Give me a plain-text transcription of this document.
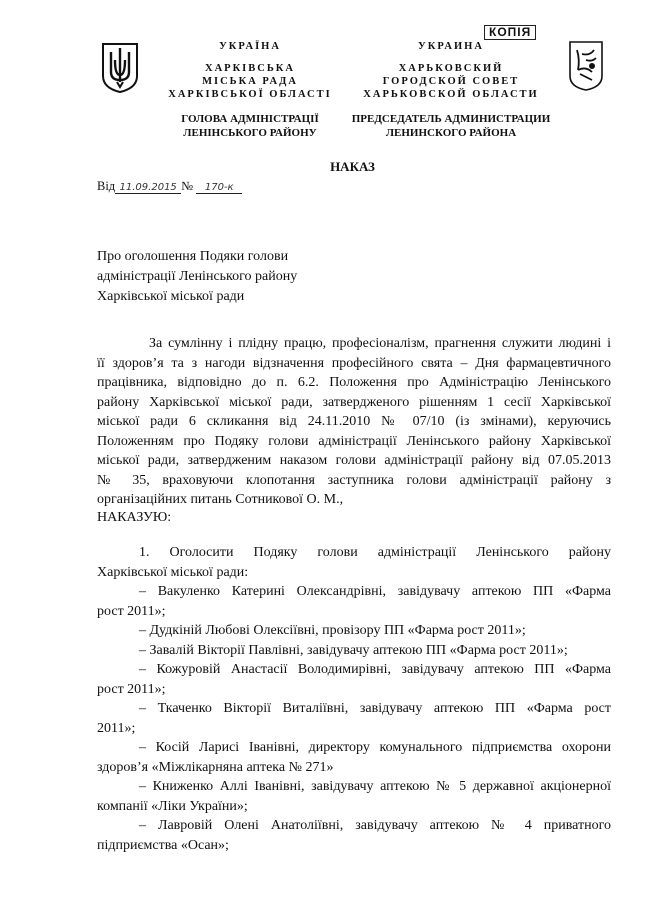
КОПІЯ
УКРАЇНА
ХАРКІВСЬКА
МІСЬКА РАДА
ХАРКІВСЬКОЇ ОБЛАСТІ
ГОЛОВА АДМІНІСТРАЦІЇ
ЛЕНІНСЬКОГО РАЙОНУ
УКРАИНА
ХАРЬКОВСКИЙ
ГОРОДСКОЙ СОВЕТ
ХАРЬКОВСКОЙ ОБЛАСТИ
ПРЕДСЕДАТЕЛЬ АДМИНИСТРАЦИИ
ЛЕНИНСКОГО РАЙОНА
НАКАЗ
Від 11.09.2015 № 170-к
Про оголошення Подяки голови
адміністрації Ленінського району
Харківської міської ради
За сумлінну і плідну працю, професіоналізм, прагнення служити людині і
її здоров’я та з нагоди відзначення професійного свята – Дня фармацевтичного
працівника, відповідно до п. 6.2. Положення про Адміністрацію Ленінського
району Харківської міської ради, затвердженого рішенням 1 сесії Харківської
міської ради 6 скликання від 24.11.2010 № 07/10 (із змінами), керуючись
Положенням про Подяку голови адміністрації Ленінського району Харківської
міської ради, затвердженим наказом голови адміністрації району від 07.05.2013
№ 35, враховуючи клопотання заступника голови адміністрації району з
організаційних питань Сотникової О. М.,
НАКАЗУЮ:
1. Оголосити Подяку голови адміністрації Ленінського району
Харківської міської ради:
– Вакуленко Катерині Олександрівні, завідувачу аптекою ПП «Фарма
рост 2011»;
– Дудкіній Любові Олексіївні, провізору ПП «Фарма рост 2011»;
– Завалій Вікторії Павлівні, завідувачу аптекою ПП «Фарма рост 2011»;
– Кожуровій Анастасії Володимирівні, завідувачу аптекою ПП «Фарма
рост 2011»;
– Ткаченко Вікторії Виталіївні, завідувачу аптекою ПП «Фарма рост
2011»;
– Косій Ларисі Іванівні, директору комунального підприємства охорони
здоров’я «Міжлікарняна аптека № 271»
– Книженко Аллі Іванівні, завідувачу аптекою № 5 державної акціонерної
компанії «Ліки України»;
– Лавровій Олені Анатоліївні, завідувачу аптекою № 4 приватного
підприємства «Осан»;
